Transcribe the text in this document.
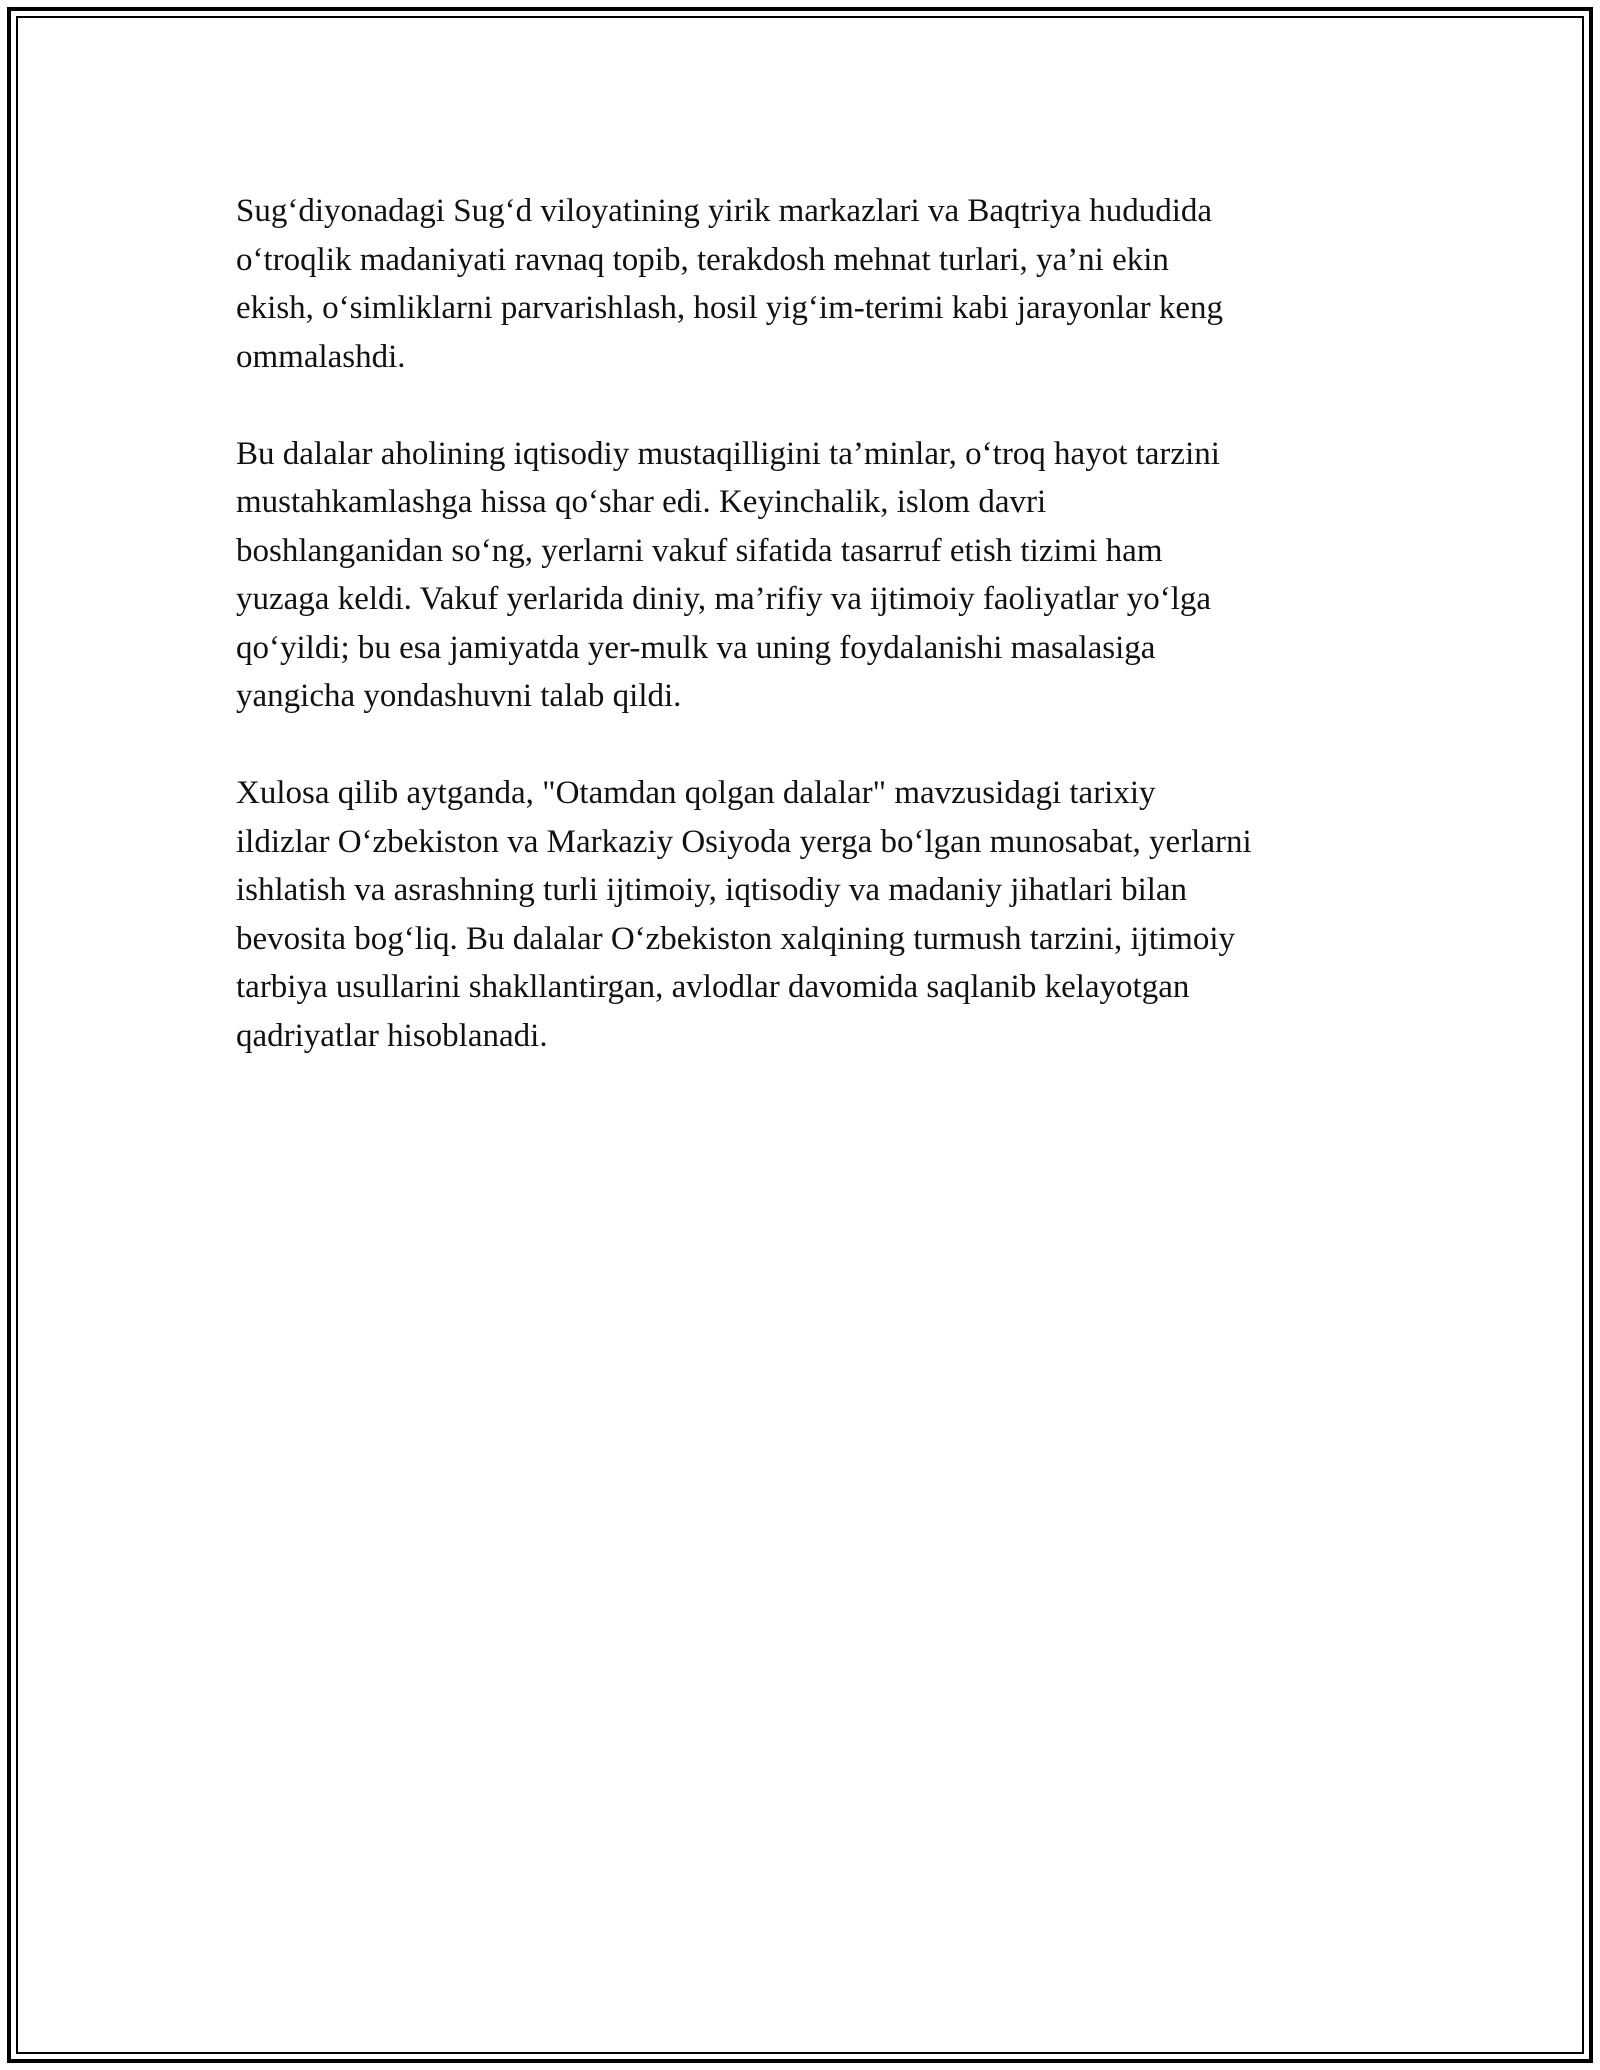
Sug‘diyonadagi Sug‘d viloyatining yirik markazlari va Baqtriya hududida
o‘troqlik madaniyati ravnaq topib, terakdosh mehnat turlari, ya’ni ekin
ekish, o‘simliklarni parvarishlash, hosil yig‘im-terimi kabi jarayonlar keng
ommalashdi.

Bu dalalar aholining iqtisodiy mustaqilligini ta’minlar, o‘troq hayot tarzini
mustahkamlashga hissa qo‘shar edi. Keyinchalik, islom davri
boshlanganidan so‘ng, yerlarni vakuf sifatida tasarruf etish tizimi ham
yuzaga keldi. Vakuf yerlarida diniy, ma’rifiy va ijtimoiy faoliyatlar yo‘lga
qo‘yildi; bu esa jamiyatda yer-mulk va uning foydalanishi masalasiga
yangicha yondashuvni talab qildi.

Xulosa qilib aytganda, "Otamdan qolgan dalalar" mavzusidagi tarixiy
ildizlar O‘zbekiston va Markaziy Osiyoda yerga bo‘lgan munosabat, yerlarni
ishlatish va asrashning turli ijtimoiy, iqtisodiy va madaniy jihatlari bilan
bevosita bog‘liq. Bu dalalar O‘zbekiston xalqining turmush tarzini, ijtimoiy
tarbiya usullarini shakllantirgan, avlodlar davomida saqlanib kelayotgan
qadriyatlar hisoblanadi.
